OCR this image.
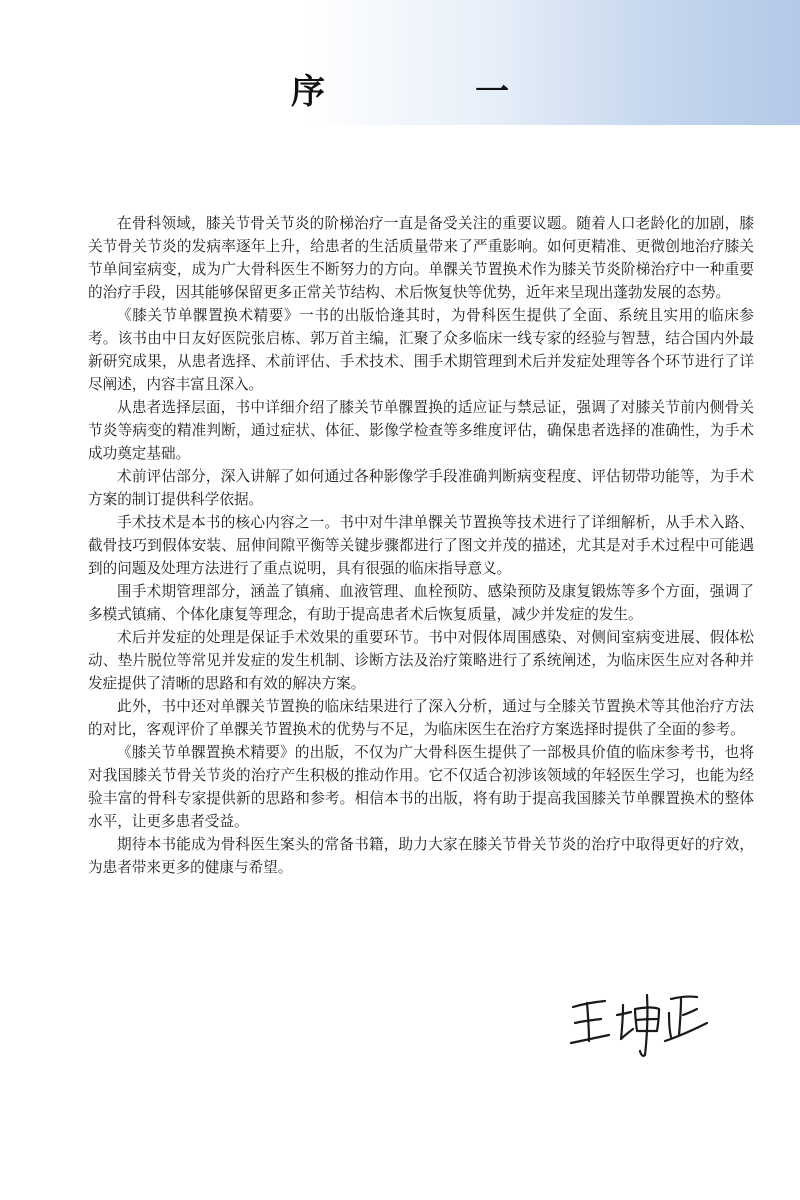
序　一

在骨科领域，膝关节骨关节炎的阶梯治疗一直是备受关注的重要议题。随着人口老龄化的加剧，膝关节骨关节炎的发病率逐年上升，给患者的生活质量带来了严重影响。如何更精准、更微创地治疗膝关节单间室病变，成为广大骨科医生不断努力的方向。单髁关节置换术作为膝关节炎阶梯治疗中一种重要的治疗手段，因其能够保留更多正常关节结构、术后恢复快等优势，近年来呈现出蓬勃发展的态势。

《膝关节单髁置换术精要》一书的出版恰逢其时，为骨科医生提供了全面、系统且实用的临床参考。该书由中日友好医院张启栋、郭万首主编，汇聚了众多临床一线专家的经验与智慧，结合国内外最新研究成果，从患者选择、术前评估、手术技术、围手术期管理到术后并发症处理等各个环节进行了详尽阐述，内容丰富且深入。

从患者选择层面，书中详细介绍了膝关节单髁置换的适应证与禁忌证，强调了对膝关节前内侧骨关节炎等病变的精准判断，通过症状、体征、影像学检查等多维度评估，确保患者选择的准确性，为手术成功奠定基础。

术前评估部分，深入讲解了如何通过各种影像学手段准确判断病变程度、评估韧带功能等，为手术方案的制订提供科学依据。

手术技术是本书的核心内容之一。书中对牛津单髁关节置换等技术进行了详细解析，从手术入路、截骨技巧到假体安装、屈伸间隙平衡等关键步骤都进行了图文并茂的描述，尤其是对手术过程中可能遇到的问题及处理方法进行了重点说明，具有很强的临床指导意义。

围手术期管理部分，涵盖了镇痛、血液管理、血栓预防、感染预防及康复锻炼等多个方面，强调了多模式镇痛、个体化康复等理念，有助于提高患者术后恢复质量，减少并发症的发生。

术后并发症的处理是保证手术效果的重要环节。书中对假体周围感染、对侧间室病变进展、假体松动、垫片脱位等常见并发症的发生机制、诊断方法及治疗策略进行了系统阐述，为临床医生应对各种并发症提供了清晰的思路和有效的解决方案。

此外，书中还对单髁关节置换的临床结果进行了深入分析，通过与全膝关节置换术等其他治疗方法的对比，客观评价了单髁关节置换术的优势与不足，为临床医生在治疗方案选择时提供了全面的参考。

《膝关节单髁置换术精要》的出版，不仅为广大骨科医生提供了一部极具价值的临床参考书，也将对我国膝关节骨关节炎的治疗产生积极的推动作用。它不仅适合初涉该领域的年轻医生学习，也能为经验丰富的骨科专家提供新的思路和参考。相信本书的出版，将有助于提高我国膝关节单髁置换术的整体水平，让更多患者受益。

期待本书能成为骨科医生案头的常备书籍，助力大家在膝关节骨关节炎的治疗中取得更好的疗效，为患者带来更多的健康与希望。
